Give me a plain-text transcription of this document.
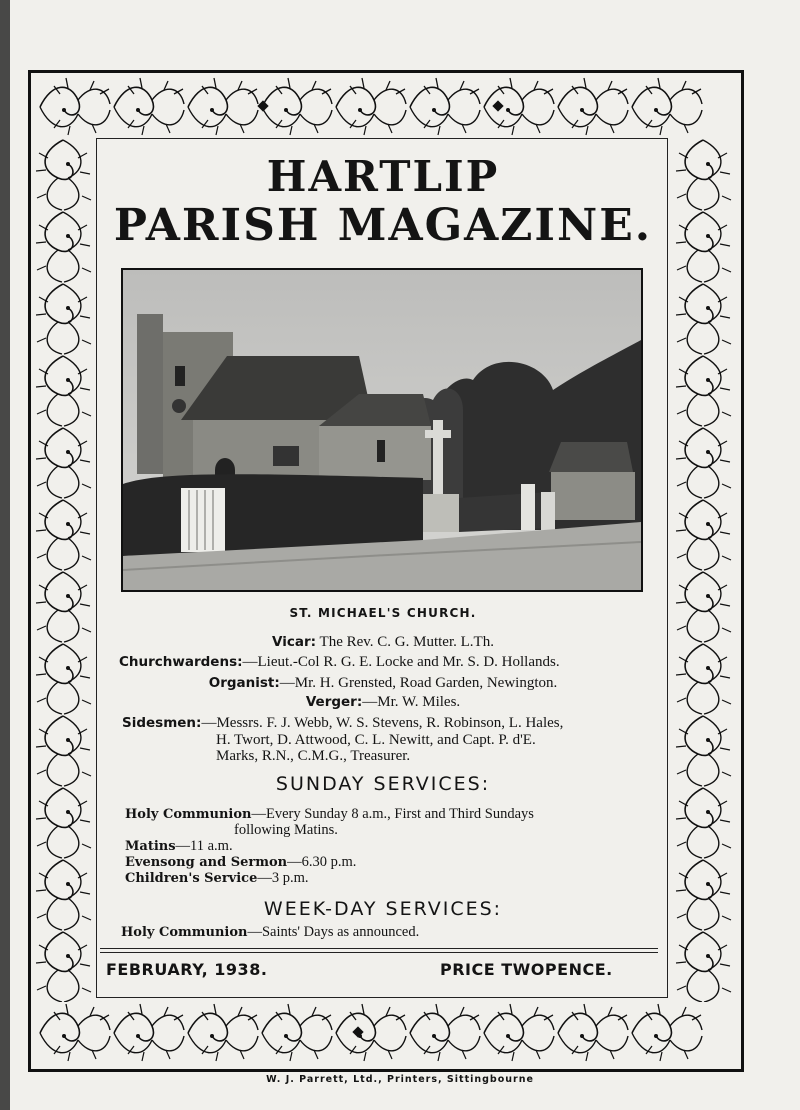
HARTLIP
PARISH MAGAZINE.
ST. MICHAEL'S CHURCH.
Vicar: The Rev. C. G. Mutter. L.Th.
Churchwardens:—Lieut.-Col R. G. E. Locke and Mr. S. D. Hollands.
Organist:—Mr. H. Grensted, Road Garden, Newington.
Verger:—Mr. W. Miles.
Sidesmen:—Messrs. F. J. Webb, W. S. Stevens, R. Robinson, L. Hales,
H. Twort, D. Attwood, C. L. Newitt, and Capt. P. d'E.
Marks, R.N., C.M.G., Treasurer.
SUNDAY SERVICES:
Holy Communion—Every Sunday 8 a.m., First and Third Sundays
following Matins.
Matins—11 a.m.
Evensong and Sermon—6.30 p.m.
Children's Service—3 p.m.
WEEK-DAY SERVICES:
Holy Communion—Saints' Days as announced.
FEBRUARY, 1938.	PRICE TWOPENCE.
W. J. Parrett, Ltd., Printers, Sittingbourne
